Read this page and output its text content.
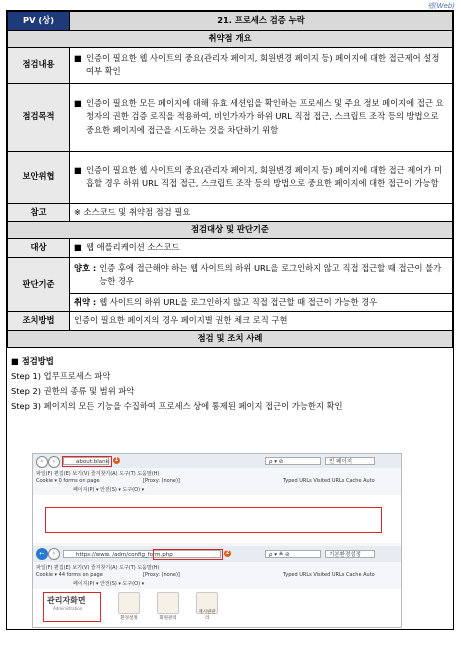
웹(Web)
PV (상)	21. 프로세스 검증 누락
취약점 개요	
점검내용	■ 인증이 필요한 웹 사이트의 중요(관리자 페이지, 회원변경 페이지 등) 페이지에 대한 접근제어 설정 여부 확인

점검목적	■ 인증이 필요한 모든 페이지에 대해 유효 세션임을 확인하는 프로세스 및 주요 정보 페이지에 접근 요청자의 권한 검증 로직을 적용하여, 비인가자가 하위 URL 직접 접근, 스크립트 조작 등의 방법으로 중요한 페이지에 접근을 시도하는 것을 차단하기 위함

보안위협	■ 인증이 필요한 웹 사이트의 중요(관리자 페이지, 회원변경 페이지 등) 페이지에 대한 접근 제어가 미흡할 경우 하위 URL 직접 접근, 스크립트 조작 등의 방법으로 중요한 페이지에 대한 접근이 가능함

참고	※ 소스코드 및 취약점 점검 필요
점검대상 및 판단기준	
대상	■ 웹 애플리케이션 소스코드

판단기준	양호 : 인증 후에 접근해야 하는 웹 사이트의 하위 URL을 로그인하지 않고 직접 접근할 때 접근이 불가능한 경우

	취약 : 웹 사이트의 하위 URL을 로그인하지 않고 직접 접근할 때 접근이 가능한 경우

조치방법	인증이 필요한 페이지의 경우 페이지별 권한 체크 로직 구현
점검 및 조치 사례	
■ 점검방법
Step 1) 업무프로세스 파악
Step 2) 권한의 종류 및 범위 파악
Step 3) 페이지의 모든 기능을 수집하여 프로세스 상에 통제된 페이지 접근이 가능한지 확인
‹	›	about:blank	1	ρ ▾ ⊘	빈 페이지
파일(F) 편집(E) 보기(V) 즐겨찾기(A) 도구(T) 도움말(H)
Cookie ▾ 0 forms on page	[Proxy: (none)]	Typed URLs Visited URLs Cache Auto
페이지(P) ▾ 안전(S) ▾ 도구(O) ▾
←	›	https://www. /adm/config_form.php	2	ρ ▾ ≙ ⊘	기본환경설정
파일(F) 편집(E) 보기(V) 즐겨찾기(A) 도구(T) 도움말(H)
Cookie ▾ 44 forms on page	[Proxy: (none)]	Typed URLs Visited URLs Cache Auto
페이지(P) ▾ 안전(S) ▾ 도구(O) ▾
관리자화면
Administration
환경설정	회원관리
게시판관리
